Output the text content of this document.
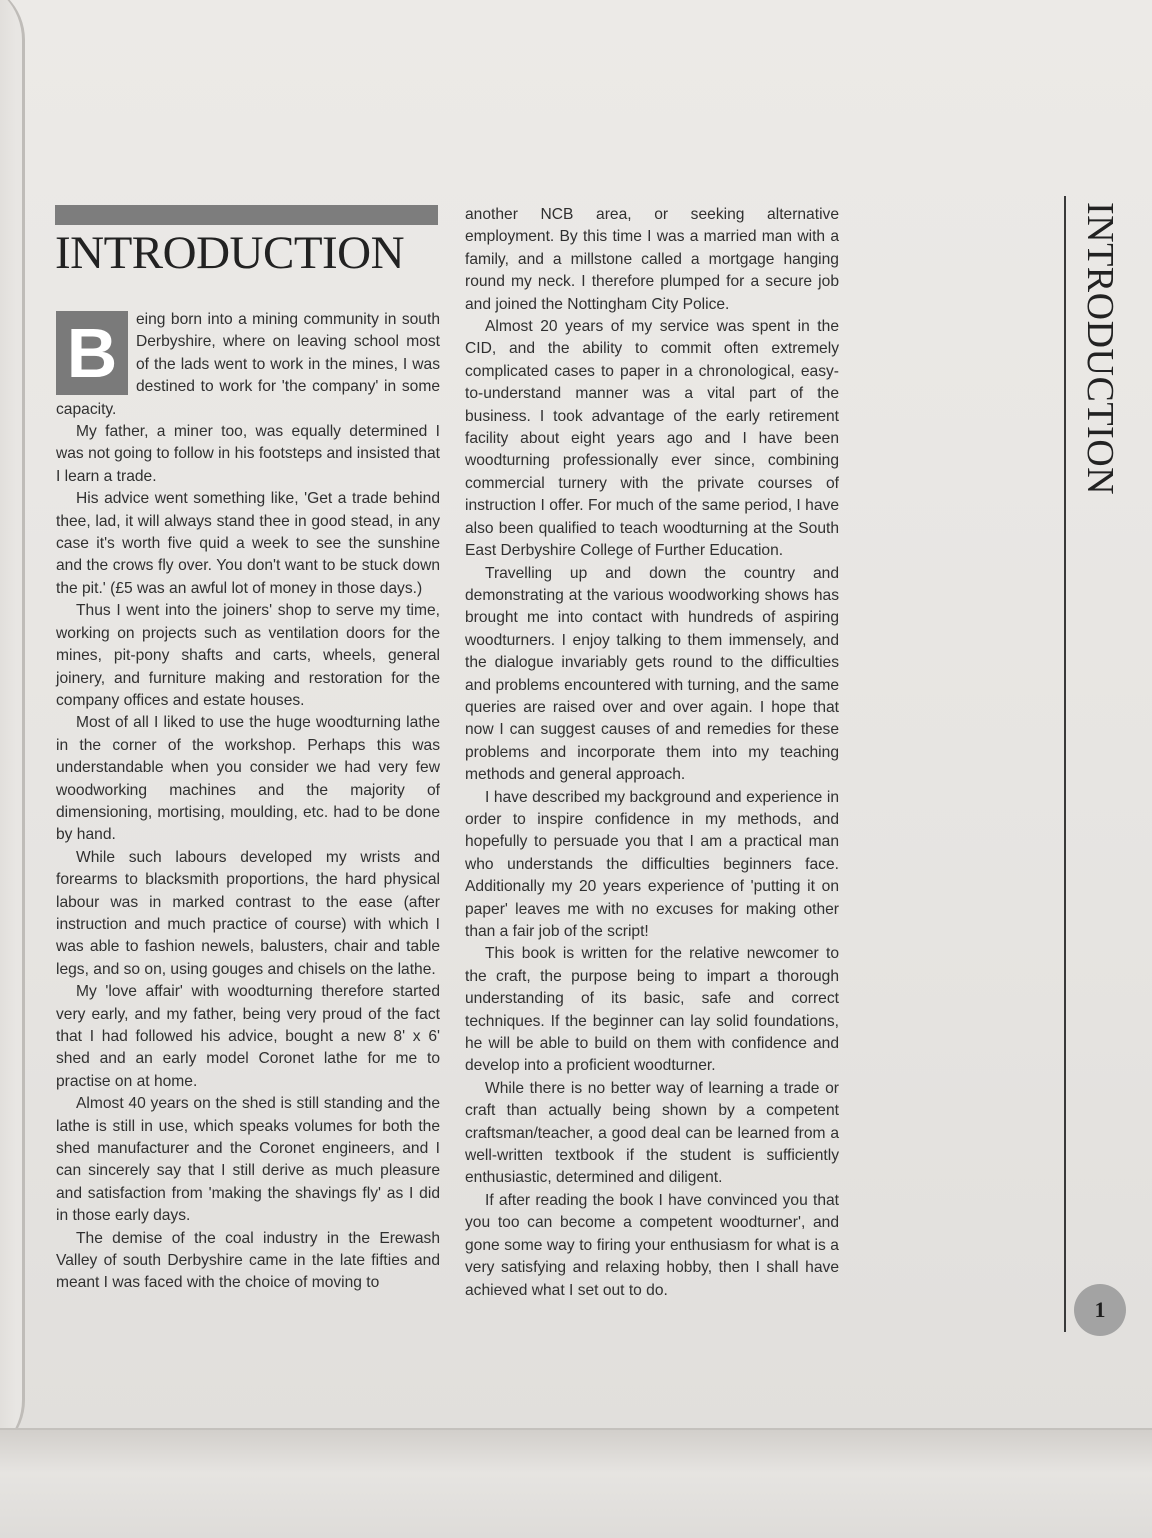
INTRODUCTION

B	eing born into a mining community in south Derbyshire, where on leaving school most of the lads went to work in the mines, I was destined to work for 'the company' in some capacity.

My father, a miner too, was equally determined I was not going to follow in his footsteps and insisted that I learn a trade.

His advice went something like, 'Get a trade behind thee, lad, it will always stand thee in good stead, in any case it's worth five quid a week to see the sunshine and the crows fly over. You don't want to be stuck down the pit.' (£5 was an awful lot of money in those days.)

Thus I went into the joiners' shop to serve my time, working on projects such as ventilation doors for the mines, pit-pony shafts and carts, wheels, general joinery, and furniture making and restoration for the company offices and estate houses.

Most of all I liked to use the huge woodturning lathe in the corner of the workshop. Perhaps this was understandable when you consider we had very few woodworking machines and the majority of dimensioning, mortising, moulding, etc. had to be done by hand.

While such labours developed my wrists and forearms to blacksmith proportions, the hard physical labour was in marked contrast to the ease (after instruction and much practice of course) with which I was able to fashion newels, balusters, chair and table legs, and so on, using gouges and chisels on the lathe.

My 'love affair' with woodturning therefore started very early, and my father, being very proud of the fact that I had followed his advice, bought a new 8' x 6' shed and an early model Coronet lathe for me to practise on at home.

Almost 40 years on the shed is still standing and the lathe is still in use, which speaks volumes for both the shed manufacturer and the Coronet engineers, and I can sincerely say that I still derive as much pleasure and satisfaction from 'making the shavings fly' as I did in those early days.

The demise of the coal industry in the Erewash Valley of south Derbyshire came in the late fifties and meant I was faced with the choice of moving to

another NCB area, or seeking alternative employment. By this time I was a married man with a family, and a millstone called a mortgage hanging round my neck. I therefore plumped for a secure job and joined the Nottingham City Police.

Almost 20 years of my service was spent in the CID, and the ability to commit often extremely complicated cases to paper in a chronological, easy-to-understand manner was a vital part of the business. I took advantage of the early retirement facility about eight years ago and I have been woodturning professionally ever since, combining commercial turnery with the private courses of instruction I offer. For much of the same period, I have also been qualified to teach woodturning at the South East Derbyshire College of Further Education.

Travelling up and down the country and demonstrating at the various woodworking shows has brought me into contact with hundreds of aspiring woodturners. I enjoy talking to them immensely, and the dialogue invariably gets round to the difficulties and problems encountered with turning, and the same queries are raised over and over again. I hope that now I can suggest causes of and remedies for these problems and incorporate them into my teaching methods and general approach.

I have described my background and experience in order to inspire confidence in my methods, and hopefully to persuade you that I am a practical man who understands the difficulties beginners face. Additionally my 20 years experience of 'putting it on paper' leaves me with no excuses for making other than a fair job of the script!

This book is written for the relative newcomer to the craft, the purpose being to impart a thorough understanding of its basic, safe and correct techniques. If the beginner can lay solid foundations, he will be able to build on them with confidence and develop into a proficient woodturner.

While there is no better way of learning a trade or craft than actually being shown by a competent craftsman/teacher, a good deal can be learned from a well-written textbook if the student is sufficiently enthusiastic, determined and diligent.

If after reading the book I have convinced you that you too can become a competent woodturner', and gone some way to firing your enthusiasm for what is a very satisfying and relaxing hobby, then I shall have achieved what I set out to do.

INTRODUCTION
1
